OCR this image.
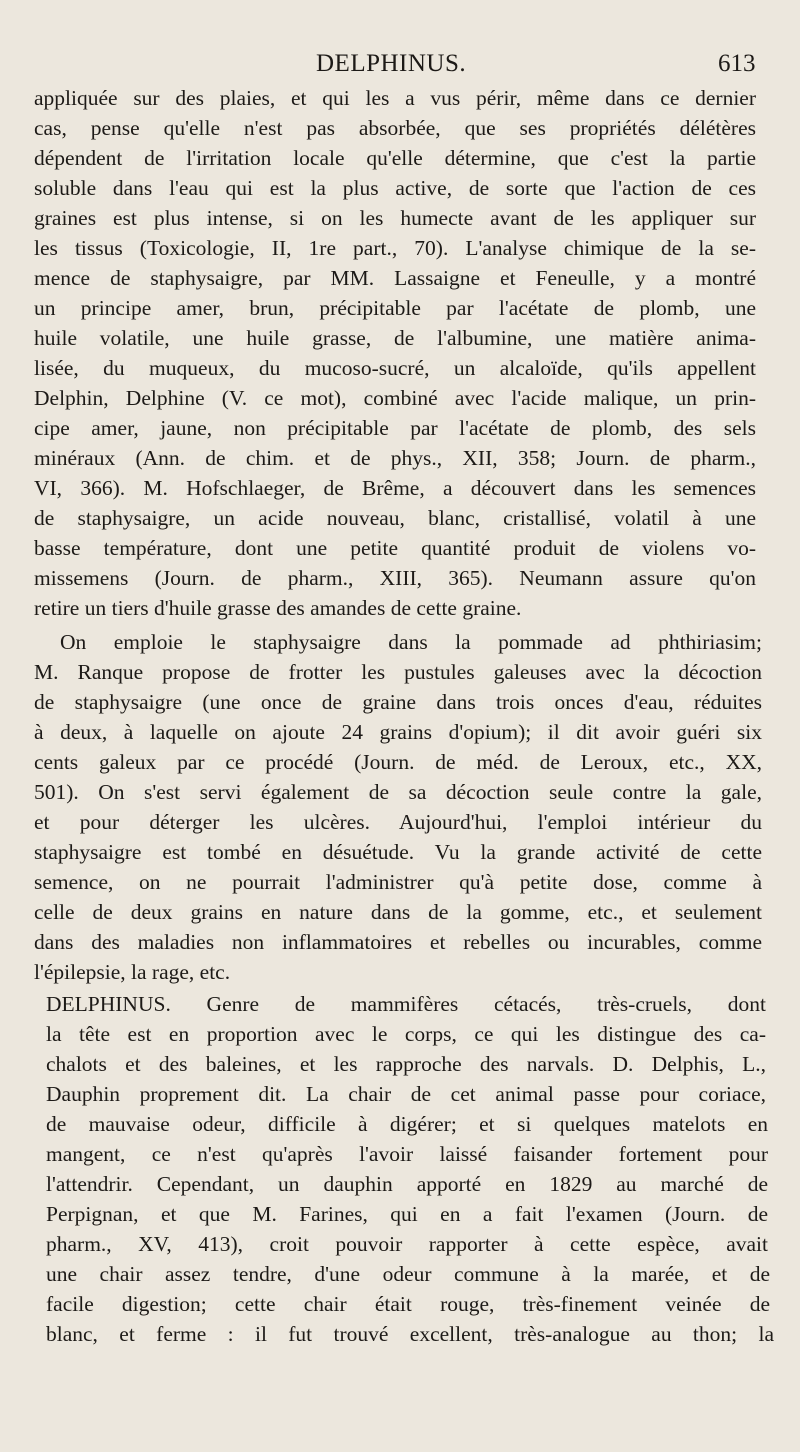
DELPHINUS.	613
appliquée sur des plaies, et qui les a vus périr, même dans ce dernier
cas, pense qu'elle n'est pas absorbée, que ses propriétés délétères
dépendent de l'irritation locale qu'elle détermine, que c'est la partie
soluble dans l'eau qui est la plus active, de sorte que l'action de ces
graines est plus intense, si on les humecte avant de les appliquer sur
les tissus (Toxicologie, II, 1re part., 70). L'analyse chimique de la se-
mence de staphysaigre, par MM. Lassaigne et Feneulle, y a montré
un principe amer, brun, précipitable par l'acétate de plomb, une
huile volatile, une huile grasse, de l'albumine, une matière anima-
lisée, du muqueux, du mucoso-sucré, un alcaloïde, qu'ils appellent
Delphin, Delphine (V. ce mot), combiné avec l'acide malique, un prin-
cipe amer, jaune, non précipitable par l'acétate de plomb, des sels
minéraux (Ann. de chim. et de phys., XII, 358; Journ. de pharm.,
VI, 366). M. Hofschlaeger, de Brême, a découvert dans les semences
de staphysaigre, un acide nouveau, blanc, cristallisé, volatil à une
basse température, dont une petite quantité produit de violens vo-
missemens (Journ. de pharm., XIII, 365). Neumann assure qu'on
retire un tiers d'huile grasse des amandes de cette graine.
On emploie le staphysaigre dans la pommade ad phthiriasim;
M. Ranque propose de frotter les pustules galeuses avec la décoction
de staphysaigre (une once de graine dans trois onces d'eau, réduites
à deux, à laquelle on ajoute 24 grains d'opium); il dit avoir guéri six
cents galeux par ce procédé (Journ. de méd. de Leroux, etc., XX,
501). On s'est servi également de sa décoction seule contre la gale,
et pour déterger les ulcères. Aujourd'hui, l'emploi intérieur du
staphysaigre est tombé en désuétude. Vu la grande activité de cette
semence, on ne pourrait l'administrer qu'à petite dose, comme à
celle de deux grains en nature dans de la gomme, etc., et seulement
dans des maladies non inflammatoires et rebelles ou incurables, comme
l'épilepsie, la rage, etc.
DELPHINUS. Genre de mammifères cétacés, très-cruels, dont
la tête est en proportion avec le corps, ce qui les distingue des ca-
chalots et des baleines, et les rapproche des narvals. D. Delphis, L.,
Dauphin proprement dit. La chair de cet animal passe pour coriace,
de mauvaise odeur, difficile à digérer; et si quelques matelots en
mangent, ce n'est qu'après l'avoir laissé faisander fortement pour
l'attendrir. Cependant, un dauphin apporté en 1829 au marché de
Perpignan, et que M. Farines, qui en a fait l'examen (Journ. de
pharm., XV, 413), croit pouvoir rapporter à cette espèce, avait
une chair assez tendre, d'une odeur commune à la marée, et de
facile digestion; cette chair était rouge, très-finement veinée de
blanc, et ferme : il fut trouvé excellent, très-analogue au thon; la
